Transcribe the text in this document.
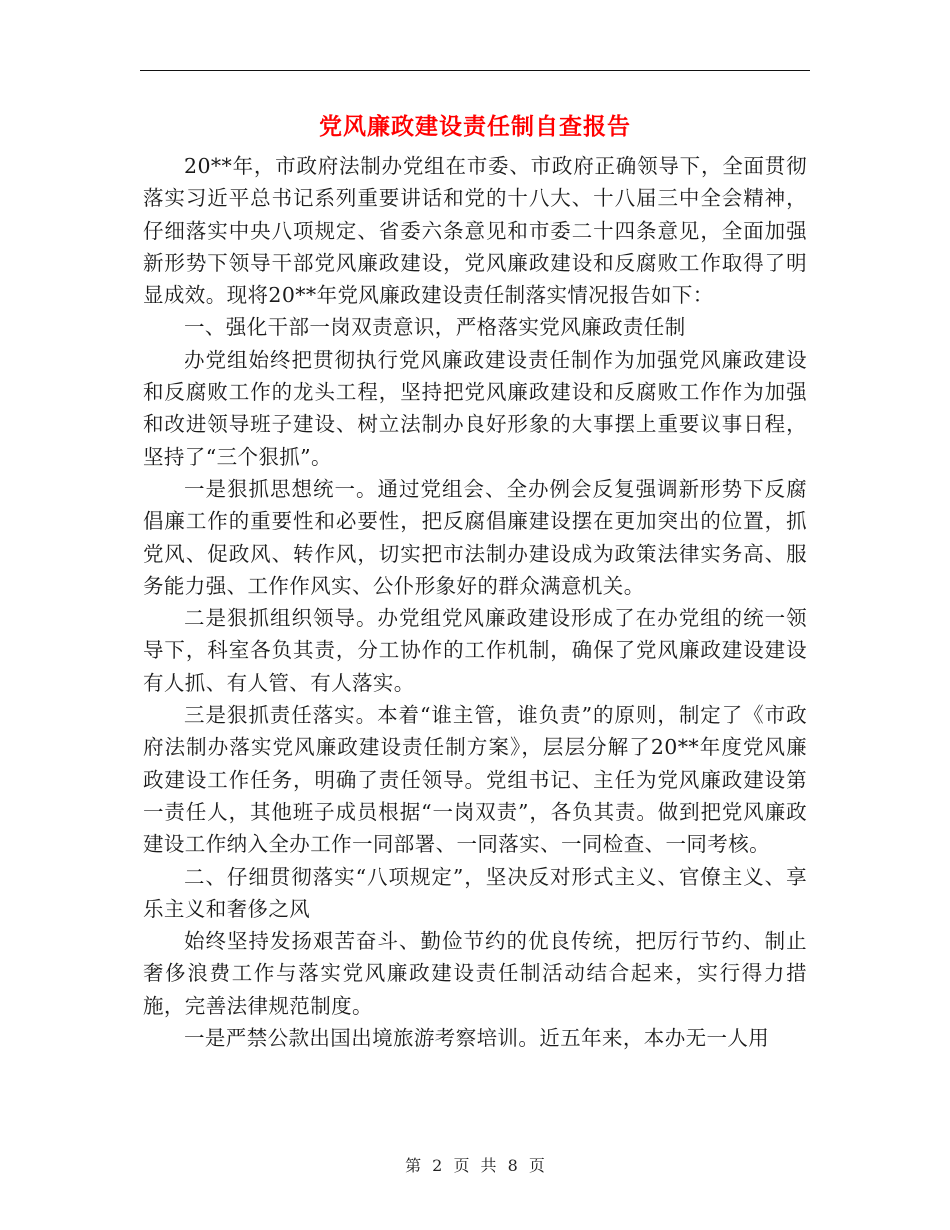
党风廉政建设责任制自查报告

20**年，市政府法制办党组在市委、市政府正确领导下，全面贯彻落实习近平总书记系列重要讲话和党的十八大、十八届三中全会精神，仔细落实中央八项规定、省委六条意见和市委二十四条意见，全面加强新形势下领导干部党风廉政建设，党风廉政建设和反腐败工作取得了明显成效。现将20**年党风廉政建设责任制落实情况报告如下：

一、强化干部一岗双责意识，严格落实党风廉政责任制

办党组始终把贯彻执行党风廉政建设责任制作为加强党风廉政建设和反腐败工作的龙头工程，坚持把党风廉政建设和反腐败工作作为加强和改进领导班子建设、树立法制办良好形象的大事摆上重要议事日程，坚持了“三个狠抓”。

一是狠抓思想统一。通过党组会、全办例会反复强调新形势下反腐倡廉工作的重要性和必要性，把反腐倡廉建设摆在更加突出的位置，抓党风、促政风、转作风，切实把市法制办建设成为政策法律实务高、服务能力强、工作作风实、公仆形象好的群众满意机关。

二是狠抓组织领导。办党组党风廉政建设形成了在办党组的统一领导下，科室各负其责，分工协作的工作机制，确保了党风廉政建设建设有人抓、有人管、有人落实。

三是狠抓责任落实。本着“谁主管，谁负责”的原则，制定了《市政府法制办落实党风廉政建设责任制方案》，层层分解了20**年度党风廉政建设工作任务，明确了责任领导。党组书记、主任为党风廉政建设第一责任人，其他班子成员根据“一岗双责”，各负其责。做到把党风廉政建设工作纳入全办工作一同部署、一同落实、一同检查、一同考核。

二、仔细贯彻落实“八项规定”，坚决反对形式主义、官僚主义、享乐主义和奢侈之风

始终坚持发扬艰苦奋斗、勤俭节约的优良传统，把厉行节约、制止奢侈浪费工作与落实党风廉政建设责任制活动结合起来，实行得力措施，完善法律规范制度。

一是严禁公款出国出境旅游考察培训。近五年来，本办无一人用

第 2 页 共 8 页
